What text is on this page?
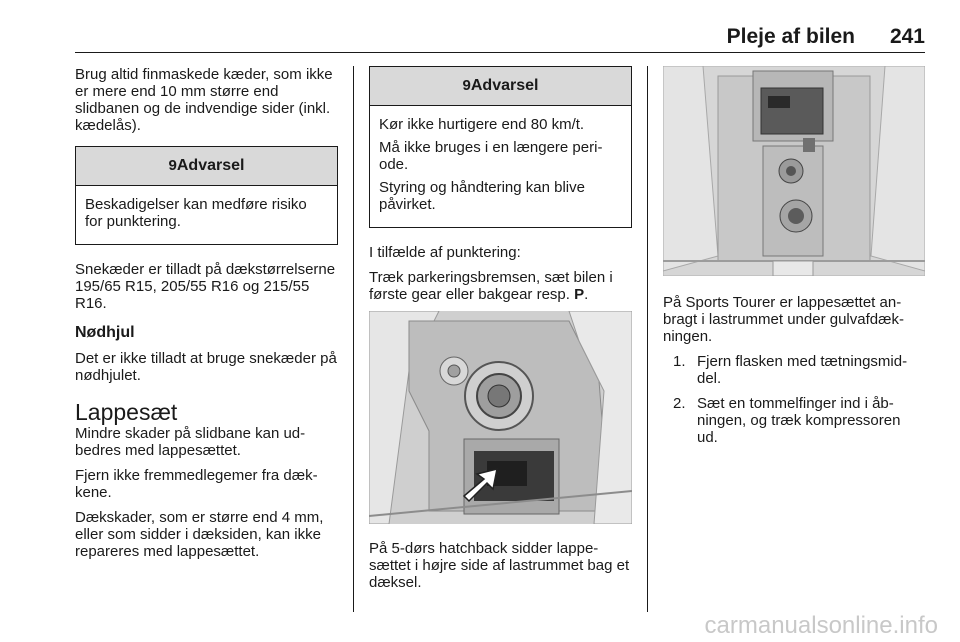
Pleje af bilen 241

Brug altid finmaskede kæder, som ikke er mere end 10 mm større end slidbanen og de indvendige sider (inkl. kædelås).

9Advarsel

Beskadigelser kan medføre risiko for punktering.

Snekæder er tilladt på dækstørrelserne 195/65 R15, 205/55 R16 og 215/55 R16.

Nødhjul

Det er ikke tilladt at bruge snekæder på nødhjulet.

Lappesæt

Mindre skader på slidbane kan udbedres med lappesættet.

Fjern ikke fremmedlegemer fra dækkene.

Dækskader, som er større end 4 mm, eller som sidder i dæksiden, kan ikke repareres med lappesættet.

9Advarsel

Kør ikke hurtigere end 80 km/t.

Må ikke bruges i en længere periode.

Styring og håndtering kan blive påvirket.

I tilfælde af punktering:

Træk parkeringsbremsen, sæt bilen i første gear eller bakgear resp. P.

På 5-dørs hatchback sidder lappesættet i højre side af lastrummet bag et dæksel.

På Sports Tourer er lappesættet anbragt i lastrummet under gulvafdækningen.

1. Fjern flasken med tætningsmiddel.
2. Sæt en tommelfinger ind i åbningen, og træk kompressoren ud.
carmanualsonline.info
